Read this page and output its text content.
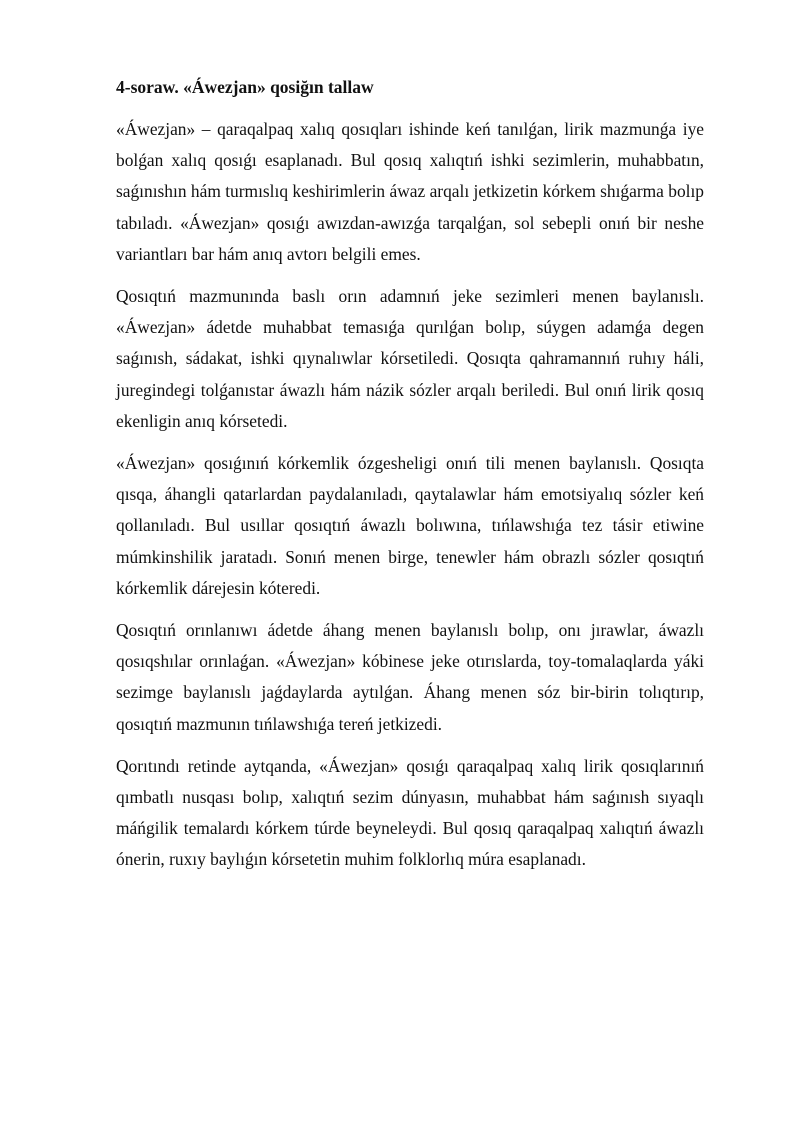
4-soraw. «Áwezjan» qosiğın tallaw

«Áwezjan» – qaraqalpaq xalıq qosıqları ishinde keń tanılǵan, lirik mazmunǵa iye bolǵan xalıq qosıǵı esaplanadı. Bul qosıq xalıqtıń ishki sezimlerin, muhabbatın, saǵınıshın hám turmıslıq keshirimlerin áwaz arqalı jetkizetin kórkem shıǵarma bolıp tabıladı. «Áwezjan» qosıǵı awızdan-awızǵa tarqalǵan, sol sebepli onıń bir neshe variantları bar hám anıq avtorı belgili emes.

Qosıqtıń mazmunında baslı orın adamnıń jeke sezimleri menen baylanıslı. «Áwezjan» ádetde muhabbat temasıǵa qurılǵan bolıp, súygen adamǵa degen saǵınısh, sádakat, ishki qıynalıwlar kórsetiledi. Qosıqta qahramannıń ruhıy háli, juregindegi tolǵanıstar áwazlı hám názik sózler arqalı beriledi. Bul onıń lirik qosıq ekenligin anıq kórsetedi.

«Áwezjan» qosıǵınıń kórkemlik ózgesheligi onıń tili menen baylanıslı. Qosıqta qısqa, áhangli qatarlardan paydalanıladı, qaytalawlar hám emotsiyalıq sózler keń qollanıladı. Bul usıllar qosıqtıń áwazlı bolıwına, tıńlawshıǵa tez tásir etiwine múmkinshilik jaratadı. Sonıń menen birge, tenewler hám obrazlı sózler qosıqtıń kórkemlik dárejesin kóteredi.

Qosıqtıń orınlanıwı ádetde áhang menen baylanıslı bolıp, onı jırawlar, áwazlı qosıqshılar orınlaǵan. «Áwezjan» kóbinese jeke otırıslarda, toy-tomalaqlarda yáki sezimge baylanıslı jaǵdaylarda aytılǵan. Áhang menen sóz bir-birin tolıqtırıp, qosıqtıń mazmunın tıńlawshıǵa tereń jetkizedi.

Qorıtındı retinde aytqanda, «Áwezjan» qosıǵı qaraqalpaq xalıq lirik qosıqlarınıń qımbatlı nusqası bolıp, xalıqtıń sezim dúnyasın, muhabbat hám saǵınısh sıyaqlı máńgilik temalardı kórkem túrde beyneleydi. Bul qosıq qaraqalpaq xalıqtıń áwazlı ónerin, ruxıy baylıǵın kórsetetin muhim folklorlıq múra esaplanadı.
